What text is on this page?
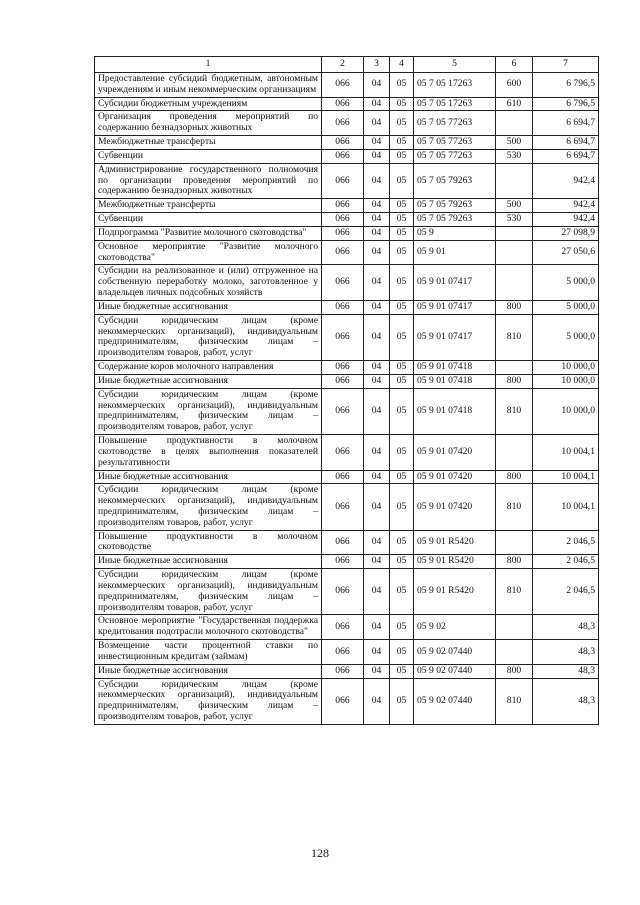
1	2	3	4	5	6	7
Предоставление субсидий бюджетным, автономным учреждениям и иным некоммерческим организациям	066	04	05	05 7 05 17263	600	6 796,5
Субсидии бюджетным учреждениям	066	04	05	05 7 05 17263	610	6 796,5
Организация проведения мероприятий по содержанию безнадзорных животных	066	04	05	05 7 05 77263		6 694,7
Межбюджетные трансферты	066	04	05	05 7 05 77263	500	6 694,7
Субвенции	066	04	05	05 7 05 77263	530	6 694,7
Администрирование государственного полномочия по организации проведения мероприятий по содержанию безнадзорных животных	066	04	05	05 7 05 79263		942,4
Межбюджетные трансферты	066	04	05	05 7 05 79263	500	942,4
Субвенции	066	04	05	05 7 05 79263	530	942,4
Подпрограмма "Развитие молочного скотоводства"	066	04	05	05 9		27 098,9
Основное мероприятие "Развитие молочного скотоводства"	066	04	05	05 9 01		27 050,6
Субсидии на реализованное и (или) отгруженное на собственную переработку молоко, заготовленное у владельцев личных подсобных хозяйств	066	04	05	05 9 01 07417		5 000,0
Иные бюджетные ассигнования	066	04	05	05 9 01 07417	800	5 000,0
Субсидии юридическим лицам (кроме некоммерческих организаций), индивидуальным предпринимателям, физическим лицам – производителям товаров, работ, услуг	066	04	05	05 9 01 07417	810	5 000,0
Содержание коров молочного направления	066	04	05	05 9 01 07418		10 000,0
Иные бюджетные ассигнования	066	04	05	05 9 01 07418	800	10 000,0
Субсидии юридическим лицам (кроме некоммерческих организаций), индивидуальным предпринимателям, физическим лицам – производителям товаров, работ, услуг	066	04	05	05 9 01 07418	810	10 000,0
Повышение продуктивности в молочном скотоводстве в целях выполнения показателей результативности	066	04	05	05 9 01 07420		10 004,1
Иные бюджетные ассигнования	066	04	05	05 9 01 07420	800	10 004,1
Субсидии юридическим лицам (кроме некоммерческих организаций), индивидуальным предпринимателям, физическим лицам – производителям товаров, работ, услуг	066	04	05	05 9 01 07420	810	10 004,1
Повышение продуктивности в молочном скотоводстве	066	04	05	05 9 01 R5420		2 046,5
Иные бюджетные ассигнования	066	04	05	05 9 01 R5420	800	2 046,5
Субсидии юридическим лицам (кроме некоммерческих организаций), индивидуальным предпринимателям, физическим лицам – производителям товаров, работ, услуг	066	04	05	05 9 01 R5420	810	2 046,5
Основное мероприятие "Государственная поддержка кредитования подотрасли молочного скотоводства"	066	04	05	05 9 02		48,3
Возмещение части процентной ставки по инвестиционным кредитам (займам)	066	04	05	05 9 02 07440		48,3
Иные бюджетные ассигнования	066	04	05	05 9 02 07440	800	48,3
Субсидии юридическим лицам (кроме некоммерческих организаций), индивидуальным предпринимателям, физическим лицам – производителям товаров, работ, услуг	066	04	05	05 9 02 07440	810	48,3
128
